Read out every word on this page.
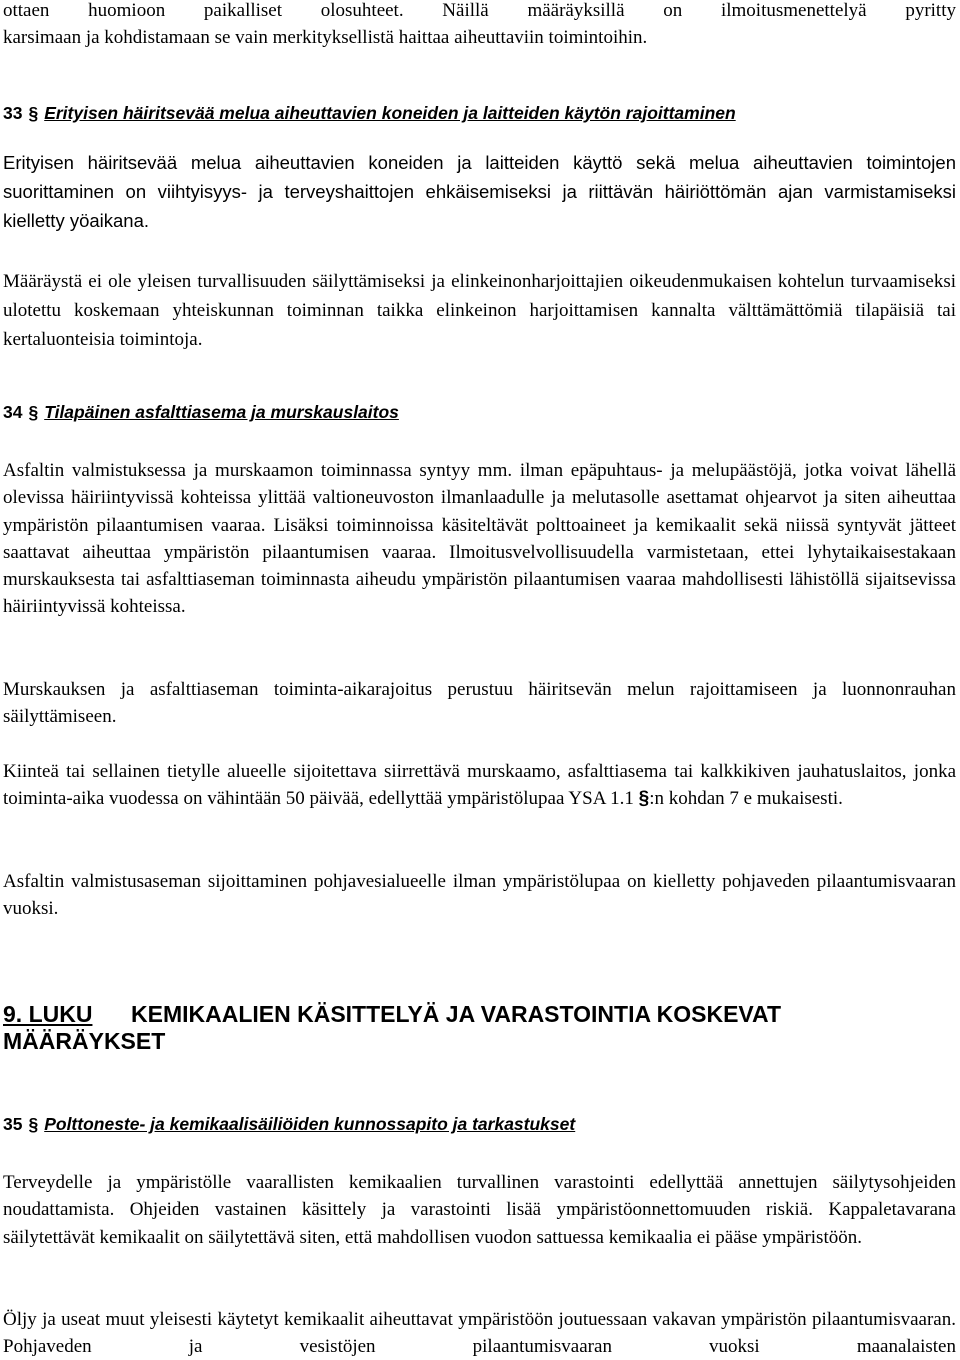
ottaen huomioon paikalliset olosuhteet. Näillä määräyksillä on ilmoitusmenettelyä pyritty

karsimaan ja kohdistamaan se vain merkityksellistä haittaa aiheuttaviin toimintoihin.

33 § Erityisen häiritsevää melua aiheuttavien koneiden ja laitteiden käytön rajoittaminen

Erityisen häiritsevää melua aiheuttavien koneiden ja laitteiden käyttö sekä melua aiheuttavien toimintojen suorittaminen on viihtyisyys- ja terveyshaittojen ehkäisemiseksi ja riittävän häiriöttömän ajan varmistamiseksi kielletty yöaikana.

Määräystä ei ole yleisen turvallisuuden säilyttämiseksi ja elinkeinonharjoittajien oikeudenmukaisen kohtelun turvaamiseksi ulotettu koskemaan yhteiskunnan toiminnan taikka elinkeinon harjoittamisen kannalta välttämättömiä tilapäisiä tai kertaluonteisia toimintoja.

34 § Tilapäinen asfalttiasema ja murskauslaitos

Asfaltin valmistuksessa ja murskaamon toiminnassa syntyy mm. ilman epäpuhtaus- ja melupäästöjä, jotka voivat lähellä olevissa häiriintyvissä kohteissa ylittää valtioneuvoston ilmanlaadulle ja melutasolle asettamat ohjearvot ja siten aiheuttaa ympäristön pilaantumisen vaaraa. Lisäksi toiminnoissa käsiteltävät polttoaineet ja kemikaalit sekä niissä syntyvät jätteet saattavat aiheuttaa ympäristön pilaantumisen vaaraa. Ilmoitusvelvollisuudella varmistetaan, ettei lyhytaikaisestakaan murskauksesta tai asfalttiaseman toiminnasta aiheudu ympäristön pilaantumisen vaaraa mahdollisesti lähistöllä sijaitsevissa häiriintyvissä kohteissa.

Murskauksen ja asfalttiaseman toiminta-aikarajoitus perustuu häiritsevän melun rajoittamiseen ja luonnonrauhan säilyttämiseen.

Kiinteä tai sellainen tietylle alueelle sijoitettava siirrettävä murskaamo, asfalttiasema tai kalkkikiven jauhatuslaitos, jonka toiminta-aika vuodessa on vähintään 50 päivää, edellyttää ympäristölupaa YSA 1.1 §:n kohdan 7 e mukaisesti.

Asfaltin valmistusaseman sijoittaminen pohjavesialueelle ilman ympäristölupaa on kielletty pohjaveden pilaantumisvaaran vuoksi.

9. LUKU KEMIKAALIEN KÄSITTELYÄ JA VARASTOINTIA KOSKEVAT

MÄÄRÄYKSET

35 § Polttoneste- ja kemikaalisäiliöiden kunnossapito ja tarkastukset

Terveydelle ja ympäristölle vaarallisten kemikaalien turvallinen varastointi edellyttää annettujen säilytysohjeiden noudattamista. Ohjeiden vastainen käsittely ja varastointi lisää ympäristöonnettomuuden riskiä. Kappaletavarana säilytettävät kemikaalit on säilytettävä siten, että mahdollisen vuodon sattuessa kemikaalia ei pääse ympäristöön.

Öljy ja useat muut yleisesti käytetyt kemikaalit aiheuttavat ympäristöön joutuessaan vakavan ympäristön pilaantumisvaaran. Pohjaveden ja vesistöjen pilaantumisvaaran vuoksi maanalaisten
